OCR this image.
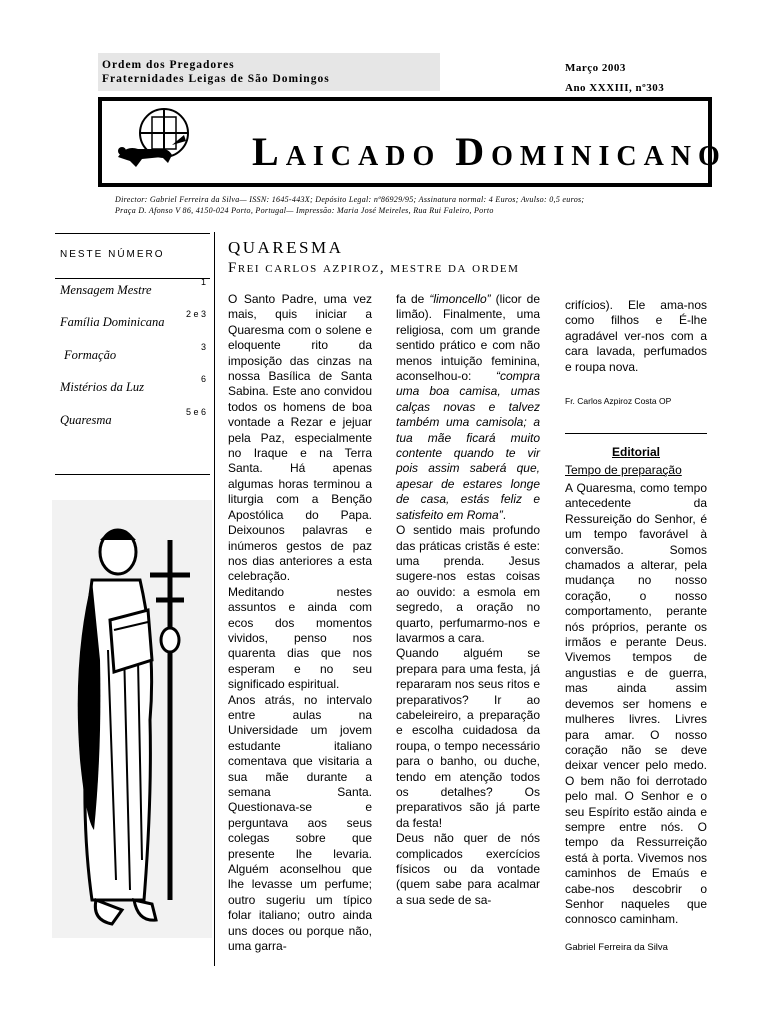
Ordem dos Pregadores
Fraternidades Leigas de São Domingos
Março 2003
Ano XXXIII, nº303
LAICADO DOMINICANO
Director: Gabriel Ferreira da Silva— ISSN: 1645-443X; Depósito Legal: nº86929/95; Assinatura normal: 4 Euros; Avulso: 0,5 euros;
Praça D. Afonso V 86, 4150-024 Porto, Portugal— Impressão: Maria José Meireles, Rua Rui Faleiro, Porto
NESTE NÚMERO
Mensagem Mestre
1
Família Dominicana
2 e 3
Formação
3
Mistérios da Luz
6
Quaresma
5 e 6
QUARESMA
Frei carlos azpiroz, mestre da ordem

O Santo Padre, uma vez mais, quis iniciar a Quaresma com o solene e eloquente rito da imposição das cinzas na nossa Basílica de Santa Sabina. Este ano convidou todos os homens de boa vontade a Rezar e jejuar pela Paz, especialmente no Iraque e na Terra Santa. Há apenas algumas horas terminou a liturgia com a Benção Apostólica do Papa. Deixounos palavras e inúmeros gestos de paz nos dias anteriores a esta celebração.

Meditando nestes assuntos e ainda com ecos dos momentos vividos, penso nos quarenta dias que nos esperam e no seu significado espiritual.

Anos atrás, no intervalo entre aulas na Universidade um jovem estudante italiano comentava que visitaria a sua mãe durante a semana Santa. Questionava-se e perguntava aos seus colegas sobre que presente lhe levaria. Alguém aconselhou que lhe levasse um perfume; outro sugeriu um típico folar italiano; outro ainda uns doces ou porque não, uma garra-

fa de “limoncello” (licor de limão). Finalmente, uma religiosa, com um grande sentido prático e com não menos intuição feminina, aconselhou-o: “compra uma boa camisa, umas calças novas e talvez também uma camisola; a tua mãe ficará muito contente quando te vir pois assim saberá que, apesar de estares longe de casa, estás feliz e satisfeito em Roma”.

O sentido mais profundo das práticas cristãs é este: uma prenda. Jesus sugere-nos estas coisas ao ouvido: a esmola em segredo, a oração no quarto, perfumarmo-nos e lavarmos a cara.

Quando alguém se prepara para uma festa, já repararam nos seus ritos e preparativos? Ir ao cabeleireiro, a preparação e escolha cuidadosa da roupa, o tempo necessário para o banho, ou duche, tendo em atenção todos os detalhes? Os preparativos são já parte da festa!

Deus não quer de nós complicados exercícios físicos ou da vontade (quem sabe para acalmar a sua sede de sa-

crifícios). Ele ama-nos como filhos e É-lhe agradável ver-nos com a cara lavada, perfumados e roupa nova.

Fr. Carlos Azpiroz Costa OP
Editorial
Tempo de preparação

A Quaresma, como tempo antecedente da Ressureição do Senhor, é um tempo favorável à conversão. Somos chamados a alterar, pela mudança no nosso coração, o nosso comportamento, perante nós próprios, perante os irmãos e perante Deus. Vivemos tempos de angustias e de guerra, mas ainda assim devemos ser homens e mulheres livres. Livres para amar. O nosso coração não se deve deixar vencer pelo medo. O bem não foi derrotado pelo mal. O Senhor e o seu Espírito estão ainda e sempre entre nós. O tempo da Ressurreição está à porta. Vivemos nos caminhos de Emaús e cabe-nos descobrir o Senhor naqueles que connosco caminham.

Gabriel Ferreira da Silva
